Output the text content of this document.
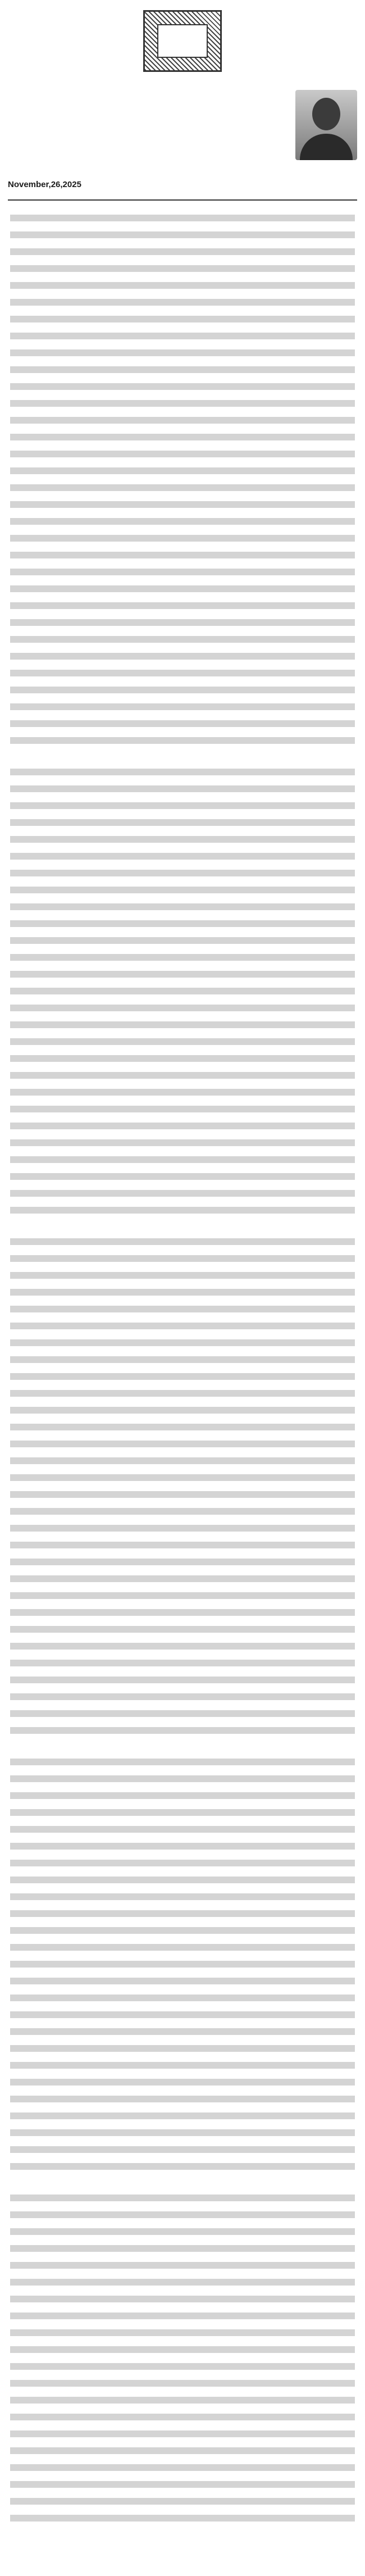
November,26,2025
